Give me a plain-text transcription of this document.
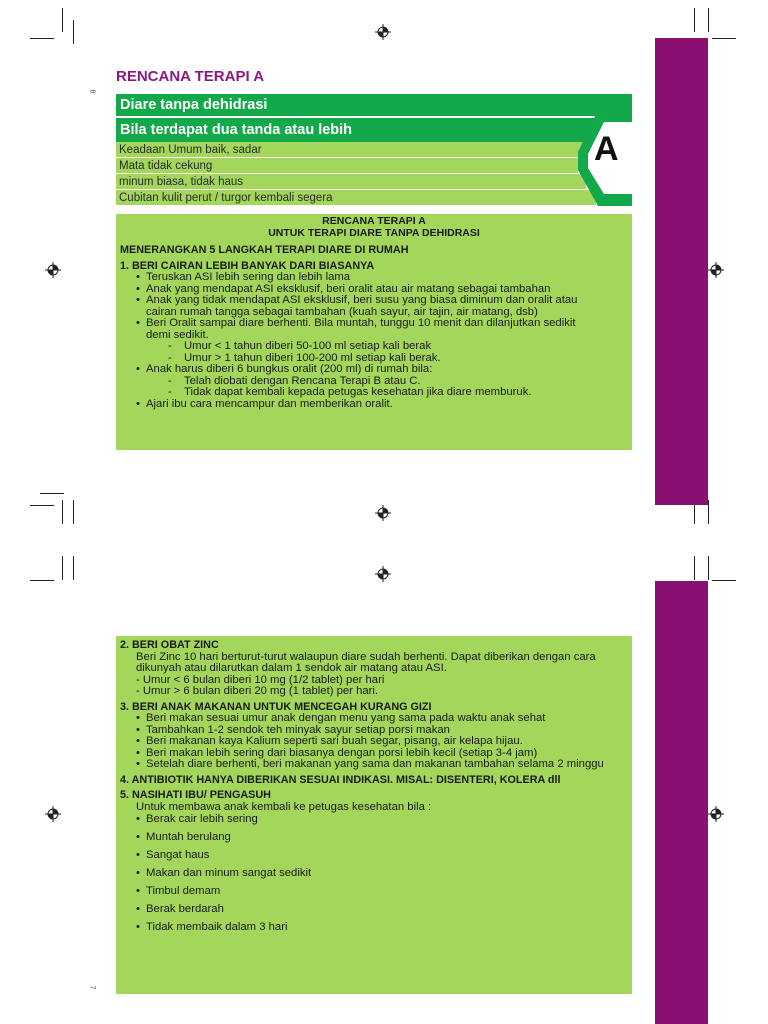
6
7
RENCANA TERAPI A
Diare tanpa dehidrasi
Bila terdapat dua tanda atau lebih
Keadaan Umum baik, sadar
Mata tidak cekung
minum biasa, tidak haus
Cubitan kulit perut / turgor kembali segera
A
RENCANA TERAPI A
UNTUK TERAPI DIARE TANPA DEHIDRASI
MENERANGKAN 5 LANGKAH TERAPI DIARE DI RUMAH
1. BERI CAIRAN LEBIH BANYAK DARI BIASANYA
• Teruskan ASI lebih sering dan lebih lama
• Anak yang mendapat ASI eksklusif, beri oralit atau air matang sebagai tambahan
• Anak yang tidak mendapat ASI eksklusif, beri susu yang biasa diminum dan oralit atau
cairan rumah tangga sebagai tambahan (kuah sayur, air tajin, air matang, dsb)
• Beri Oralit sampai diare berhenti. Bila muntah, tunggu 10 menit dan dilanjutkan sedikit
demi sedikit.
- Umur < 1 tahun diberi 50-100 ml setiap kali berak
- Umur > 1 tahun diberi 100-200 ml setiap kali berak.
• Anak harus diberi 6 bungkus oralit (200 ml) di rumah bila:
- Telah diobati dengan Rencana Terapi B atau C.
- Tidak dapat kembali kepada petugas kesehatan jika diare memburuk.
• Ajari ibu cara mencampur dan memberikan oralit.
2. BERI OBAT ZINC
Beri Zinc 10 hari berturut-turut walaupun diare sudah berhenti. Dapat diberikan dengan cara
dikunyah atau dilarutkan dalam 1 sendok air matang atau ASI.
- Umur < 6 bulan diberi 10 mg (1/2 tablet) per hari
- Umur > 6 bulan diberi 20 mg (1 tablet) per hari.
3. BERI ANAK MAKANAN UNTUK MENCEGAH KURANG GIZI
• Beri makan sesuai umur anak dengan menu yang sama pada waktu anak sehat
• Tambahkan 1-2 sendok teh minyak sayur setiap porsi makan
• Beri makanan kaya Kalium seperti sari buah segar, pisang, air kelapa hijau.
• Beri makan lebih sering dari biasanya dengan porsi lebih kecil (setiap 3-4 jam)
• Setelah diare berhenti, beri makanan yang sama dan makanan tambahan selama 2 minggu
4. ANTIBIOTIK HANYA DIBERIKAN SESUAI INDIKASI. MISAL: DISENTERI, KOLERA dll
5. NASIHATI IBU/ PENGASUH
Untuk membawa anak kembali ke petugas kesehatan bila :
• Berak cair lebih sering
• Muntah berulang
• Sangat haus
• Makan dan minum sangat sedikit
• Timbul demam
• Berak berdarah
• Tidak membaik dalam 3 hari
